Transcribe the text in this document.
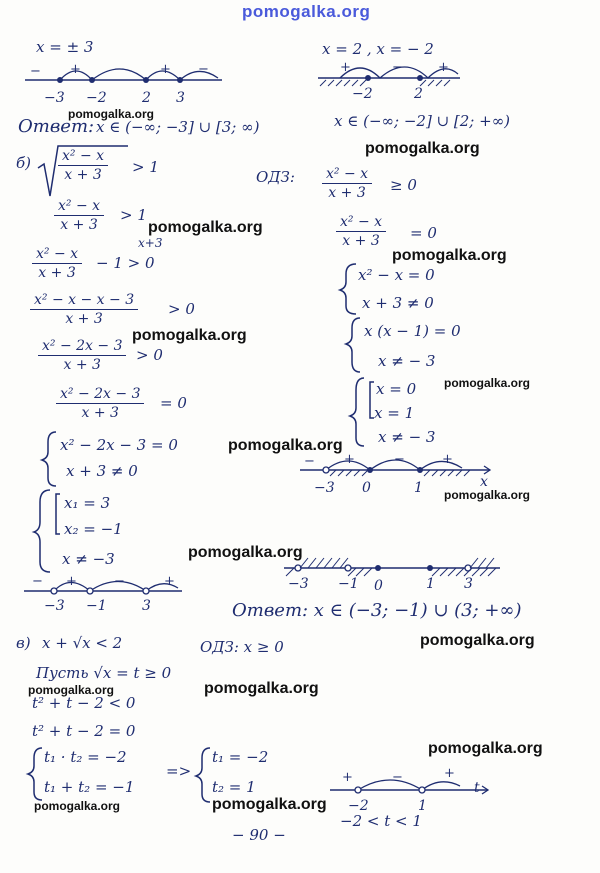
pomogalka.org
x = ± 3	x = 2 , x = − 2
−3 −2	2 3
− +	−	+ −
−2	2
+	−	+
pomogalka.org
Ответ: x ∈ (−∞; −3] ∪ [3; ∞)	x ∈ (−∞; −2] ∪ [2; +∞)
pomogalka.org
$б) \frac{\text{x² − x}}{x + 3} > 1$
$\frac{\text{x² − x}}{x + 3} > 1$
pomogalka.org
x+3
$\frac{\text{x² − x}}{x + 3} - 1 > 0$
$\frac{\text{x² − x − x − 3}}{x + 3} > 0$
pomogalka.org
$\frac{\text{x² − 2x − 3}}{x + 3} > 0$
$\frac{\text{x² − 2x − 3}}{x + 3} = 0$
x² − 2x − 3 = 0
x + 3 ≠ 0
pomogalka.org
x₁ = 3
x₂ = −1
x ≠ −3	pomogalka.org
−3 −1	3
− +	−	+
ОДЗ: $\frac{\text{x² − x}}{x + 3} \ge 0$
$\frac{\text{x² − x}}{x + 3} = 0$
pomogalka.org
x² − x = 0
x + 3 ≠ 0
x (x − 1) = 0
x ≠ − 3
x = 0
x = 1
x ≠ − 3
pomogalka.org
−3 0	1
− +	−	+
x
pomogalka.org
−3 −1 0	1 3
Ответ: x ∈ (−3; −1) ∪ (3; +∞)
pomogalka.org
в) x + √x < 2	ОДЗ: x ≥ 0
Пусть √x = t ≥ 0
pomogalka.org	pomogalka.org
t² + t − 2 < 0
t² + t − 2 = 0
t₁ · t₂ = −2
t₁ + t₂ = −1
=>
t₁ = −2
t₂ = 1
pomogalka.org	pomogalka.org
pomogalka.org
−2	1
+	−	+
t
−2 < t < 1
− 90 −
